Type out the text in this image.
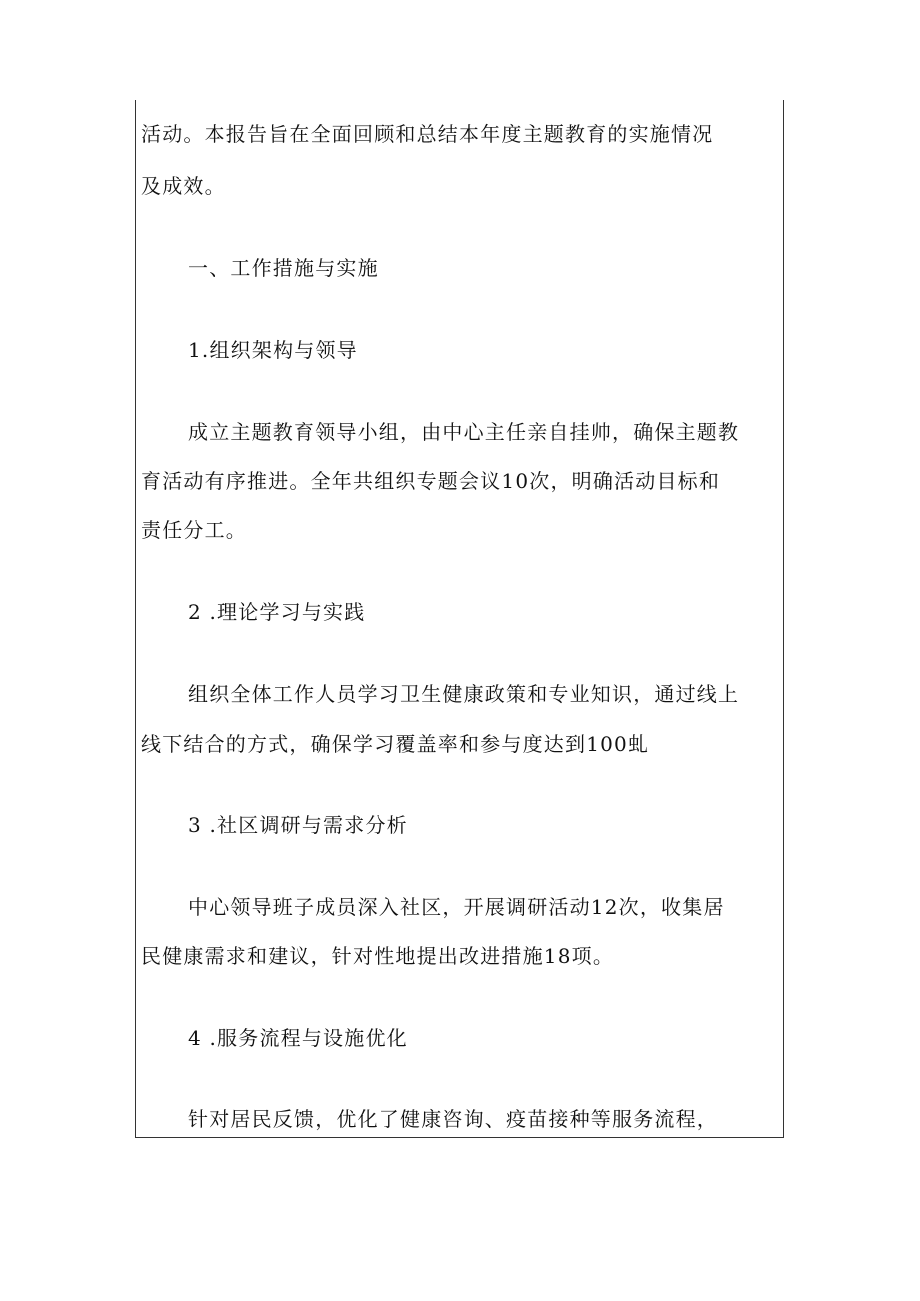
活动。本报告旨在全面回顾和总结本年度主题教育的实施情况
及成效。
一、工作措施与实施
1.组织架构与领导
成立主题教育领导小组，由中心主任亲自挂帅，确保主题教
育活动有序推进。全年共组织专题会议10次，明确活动目标和
责任分工。
2 .理论学习与实践
组织全体工作人员学习卫生健康政策和专业知识，通过线上
线下结合的方式，确保学习覆盖率和参与度达到100虬
3 .社区调研与需求分析
中心领导班子成员深入社区，开展调研活动12次，收集居
民健康需求和建议，针对性地提出改进措施18项。
4 .服务流程与设施优化
针对居民反馈，优化了健康咨询、疫苗接种等服务流程，
